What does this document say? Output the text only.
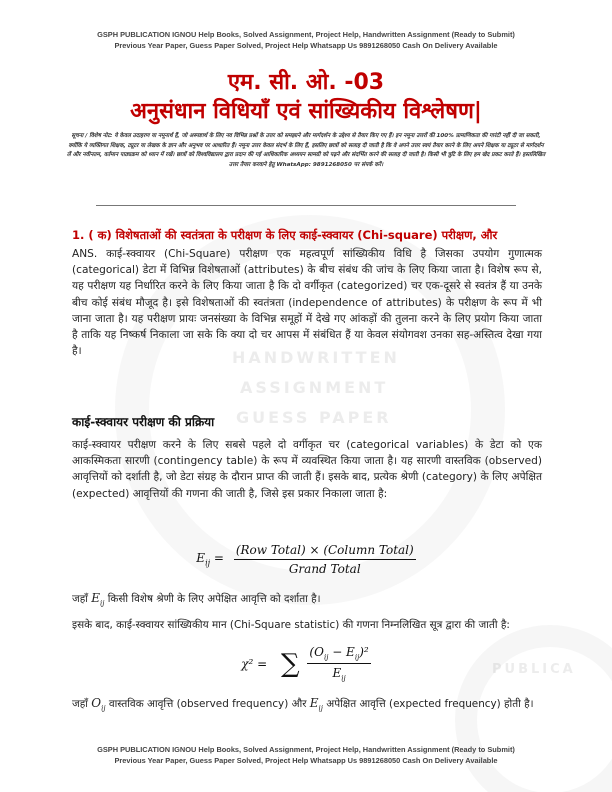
HANDWRITTEN
ASSIGNMENT
GUESS PAPER
PUBLICA
GSPH PUBLICATION IGNOU Help Books, Solved Assignment, Project Help, Handwritten Assignment (Ready to Submit)
Previous Year Paper, Guess Paper Solved, Project Help Whatsapp Us 9891268050 Cash On Delivery Available
एम. सी. ओ. -03
अनुसंधान विधियाँ एवं सांख्यिकीय विश्लेषण|
सूचना / विशेष नोट: ये केवल उदाहरण या नमूनार्थ हैं, जो अस्पष्टार्थ के लिए नव विभिन्न प्रश्नों के उत्तर को समझाने और मार्गदर्शन के उद्देश्य से तैयार किए गए हैं। इन नमूना उत्तरों की 100% प्रामाणिकता की गारंटी नहीं दी जा सकती, क्योंकि ये व्यक्तिगत शिक्षक, ट्यूटर या लेखक के ज्ञान और अनुभव पर आधारित हैं। नमूना उत्तर केवल संदर्भ के लिए हैं, इसलिए छात्रों को सलाह दी जाती है कि वे अपने उत्तर स्वयं तैयार करने के लिए अपने शिक्षक या ट्यूटर से मार्गदर्शन लें और नवीनतम, वर्तमान पाठ्यक्रम को ध्यान में रखें। छात्रों को विश्वविद्यालय द्वारा प्रदान की गई आधिकारिक अध्ययन सामग्री को पढ़ने और संदर्भित करने की सलाह दी जाती है। किसी भी त्रुटि के लिए हम खेद प्रकट करते हैं। हस्तलिखित उत्तर तैयार करवाने हेतु WhatsApp: 9891268050 पर संपर्क करें।
1. ( क) विशेषताओं की स्वतंत्रता के परीक्षण के लिए काई-स्क्वायर (Chi-square) परीक्षण, और
ANS. काई-स्क्वायर (Chi-Square) परीक्षण एक महत्वपूर्ण सांख्यिकीय विधि है जिसका उपयोग गुणात्मक (categorical) डेटा में विभिन्न विशेषताओं (attributes) के बीच संबंध की जांच के लिए किया जाता है। विशेष रूप से, यह परीक्षण यह निर्धारित करने के लिए किया जाता है कि दो वर्गीकृत (categorized) चर एक-दूसरे से स्वतंत्र हैं या उनके बीच कोई संबंध मौजूद है। इसे विशेषताओं की स्वतंत्रता (independence of attributes) के परीक्षण के रूप में भी जाना जाता है। यह परीक्षण प्रायः जनसंख्या के विभिन्न समूहों में देखे गए आंकड़ों की तुलना करने के लिए प्रयोग किया जाता है ताकि यह निष्कर्ष निकाला जा सके कि क्या दो चर आपस में संबंधित हैं या केवल संयोगवश उनका सह-अस्तित्व देखा गया है।
काई-स्क्वायर परीक्षण की प्रक्रिया
काई-स्क्वायर परीक्षण करने के लिए सबसे पहले दो वर्गीकृत चर (categorical variables) के डेटा को एक आकस्मिकता सारणी (contingency table) के रूप में व्यवस्थित किया जाता है। यह सारणी वास्तविक (observed) आवृत्तियों को दर्शाती है, जो डेटा संग्रह के दौरान प्राप्त की जाती हैं। इसके बाद, प्रत्येक श्रेणी (category) के लिए अपेक्षित (expected) आवृत्तियों की गणना की जाती है, जिसे इस प्रकार निकाला जाता है:
$E_{ij} = \frac{\text{(Row Total) × (Column Total)}}{\text{Grand Total}}$
जहाँ $E_{ij}$ किसी विशेष श्रेणी के लिए अपेक्षित आवृत्ति को दर्शाता है।
इसके बाद, काई-स्क्वायर सांख्यिकीय मान (Chi-Square statistic) की गणना निम्नलिखित सूत्र द्वारा की जाती है:
χ² = ∑ $\frac{(O_{ij} - E_{ij})^2}{E_{ij}}$
जहाँ $O_{ij}$ वास्तविक आवृत्ति (observed frequency) और $E_{ij}$ अपेक्षित आवृत्ति (expected frequency) होती है।
GSPH PUBLICATION IGNOU Help Books, Solved Assignment, Project Help, Handwritten Assignment (Ready to Submit)
Previous Year Paper, Guess Paper Solved, Project Help Whatsapp Us 9891268050 Cash On Delivery Available
